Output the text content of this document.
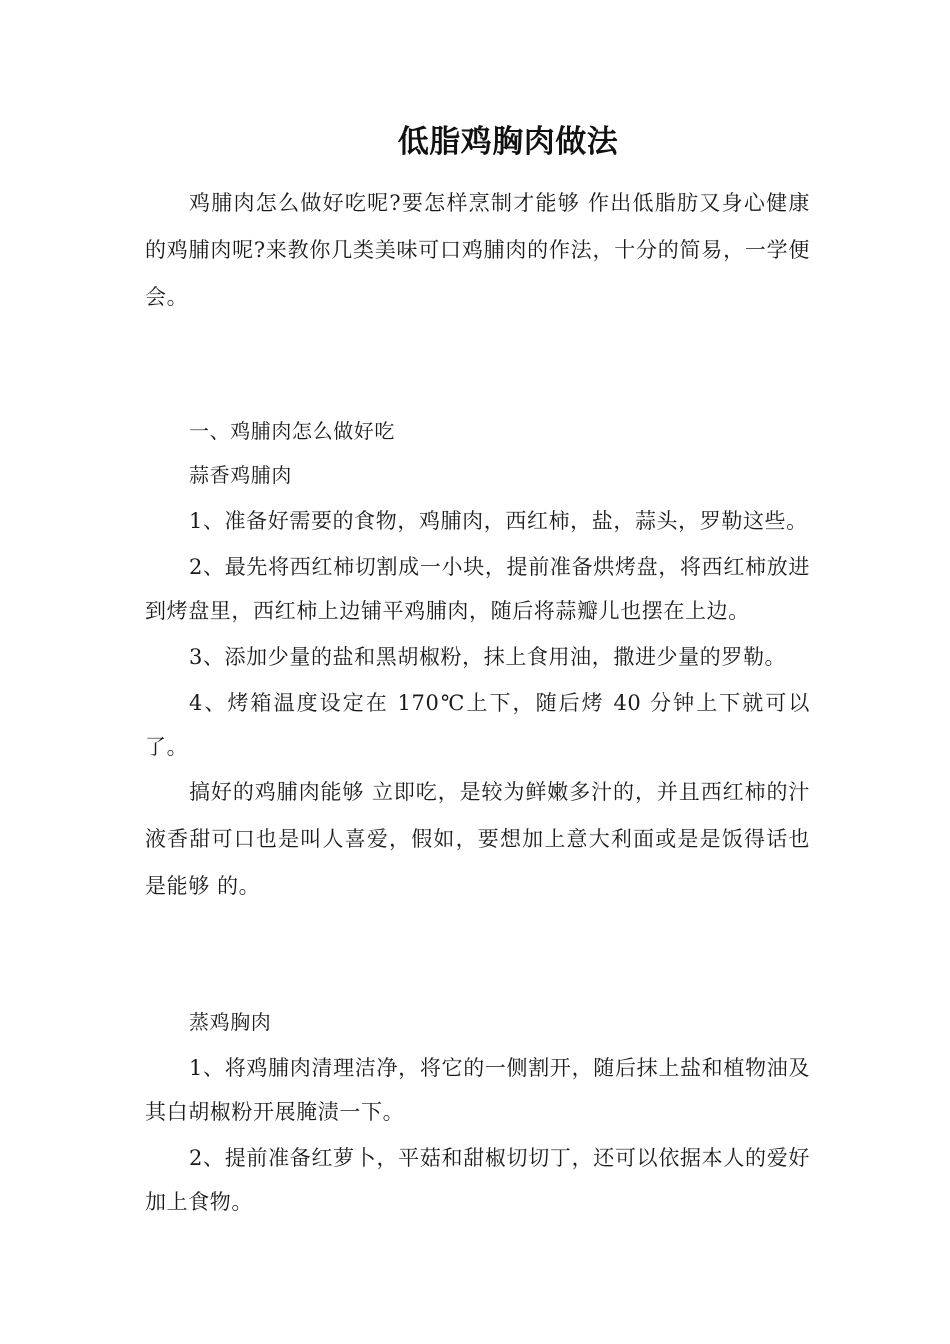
低脂鸡胸肉做法

鸡脯肉怎么做好吃呢?要怎样烹制才能够 作出低脂肪又身心健康的鸡脯肉呢?来教你几类美味可口鸡脯肉的作法，十分的简易，一学便会。

一、鸡脯肉怎么做好吃

蒜香鸡脯肉

1、准备好需要的食物，鸡脯肉，西红柿，盐，蒜头，罗勒这些。

2、最先将西红柿切割成一小块，提前准备烘烤盘，将西红柿放进到烤盘里，西红柿上边铺平鸡脯肉，随后将蒜瓣儿也摆在上边。

3、添加少量的盐和黑胡椒粉，抹上食用油，撒进少量的罗勒。

4、烤箱温度设定在 170℃上下，随后烤 40 分钟上下就可以了。

搞好的鸡脯肉能够 立即吃，是较为鲜嫩多汁的，并且西红柿的汁液香甜可口也是叫人喜爱，假如，要想加上意大利面或是是饭得话也是能够 的。

蒸鸡胸肉

1、将鸡脯肉清理洁净，将它的一侧割开，随后抹上盐和植物油及其白胡椒粉开展腌渍一下。

2、提前准备红萝卜，平菇和甜椒切切丁，还可以依据本人的爱好加上食物。
